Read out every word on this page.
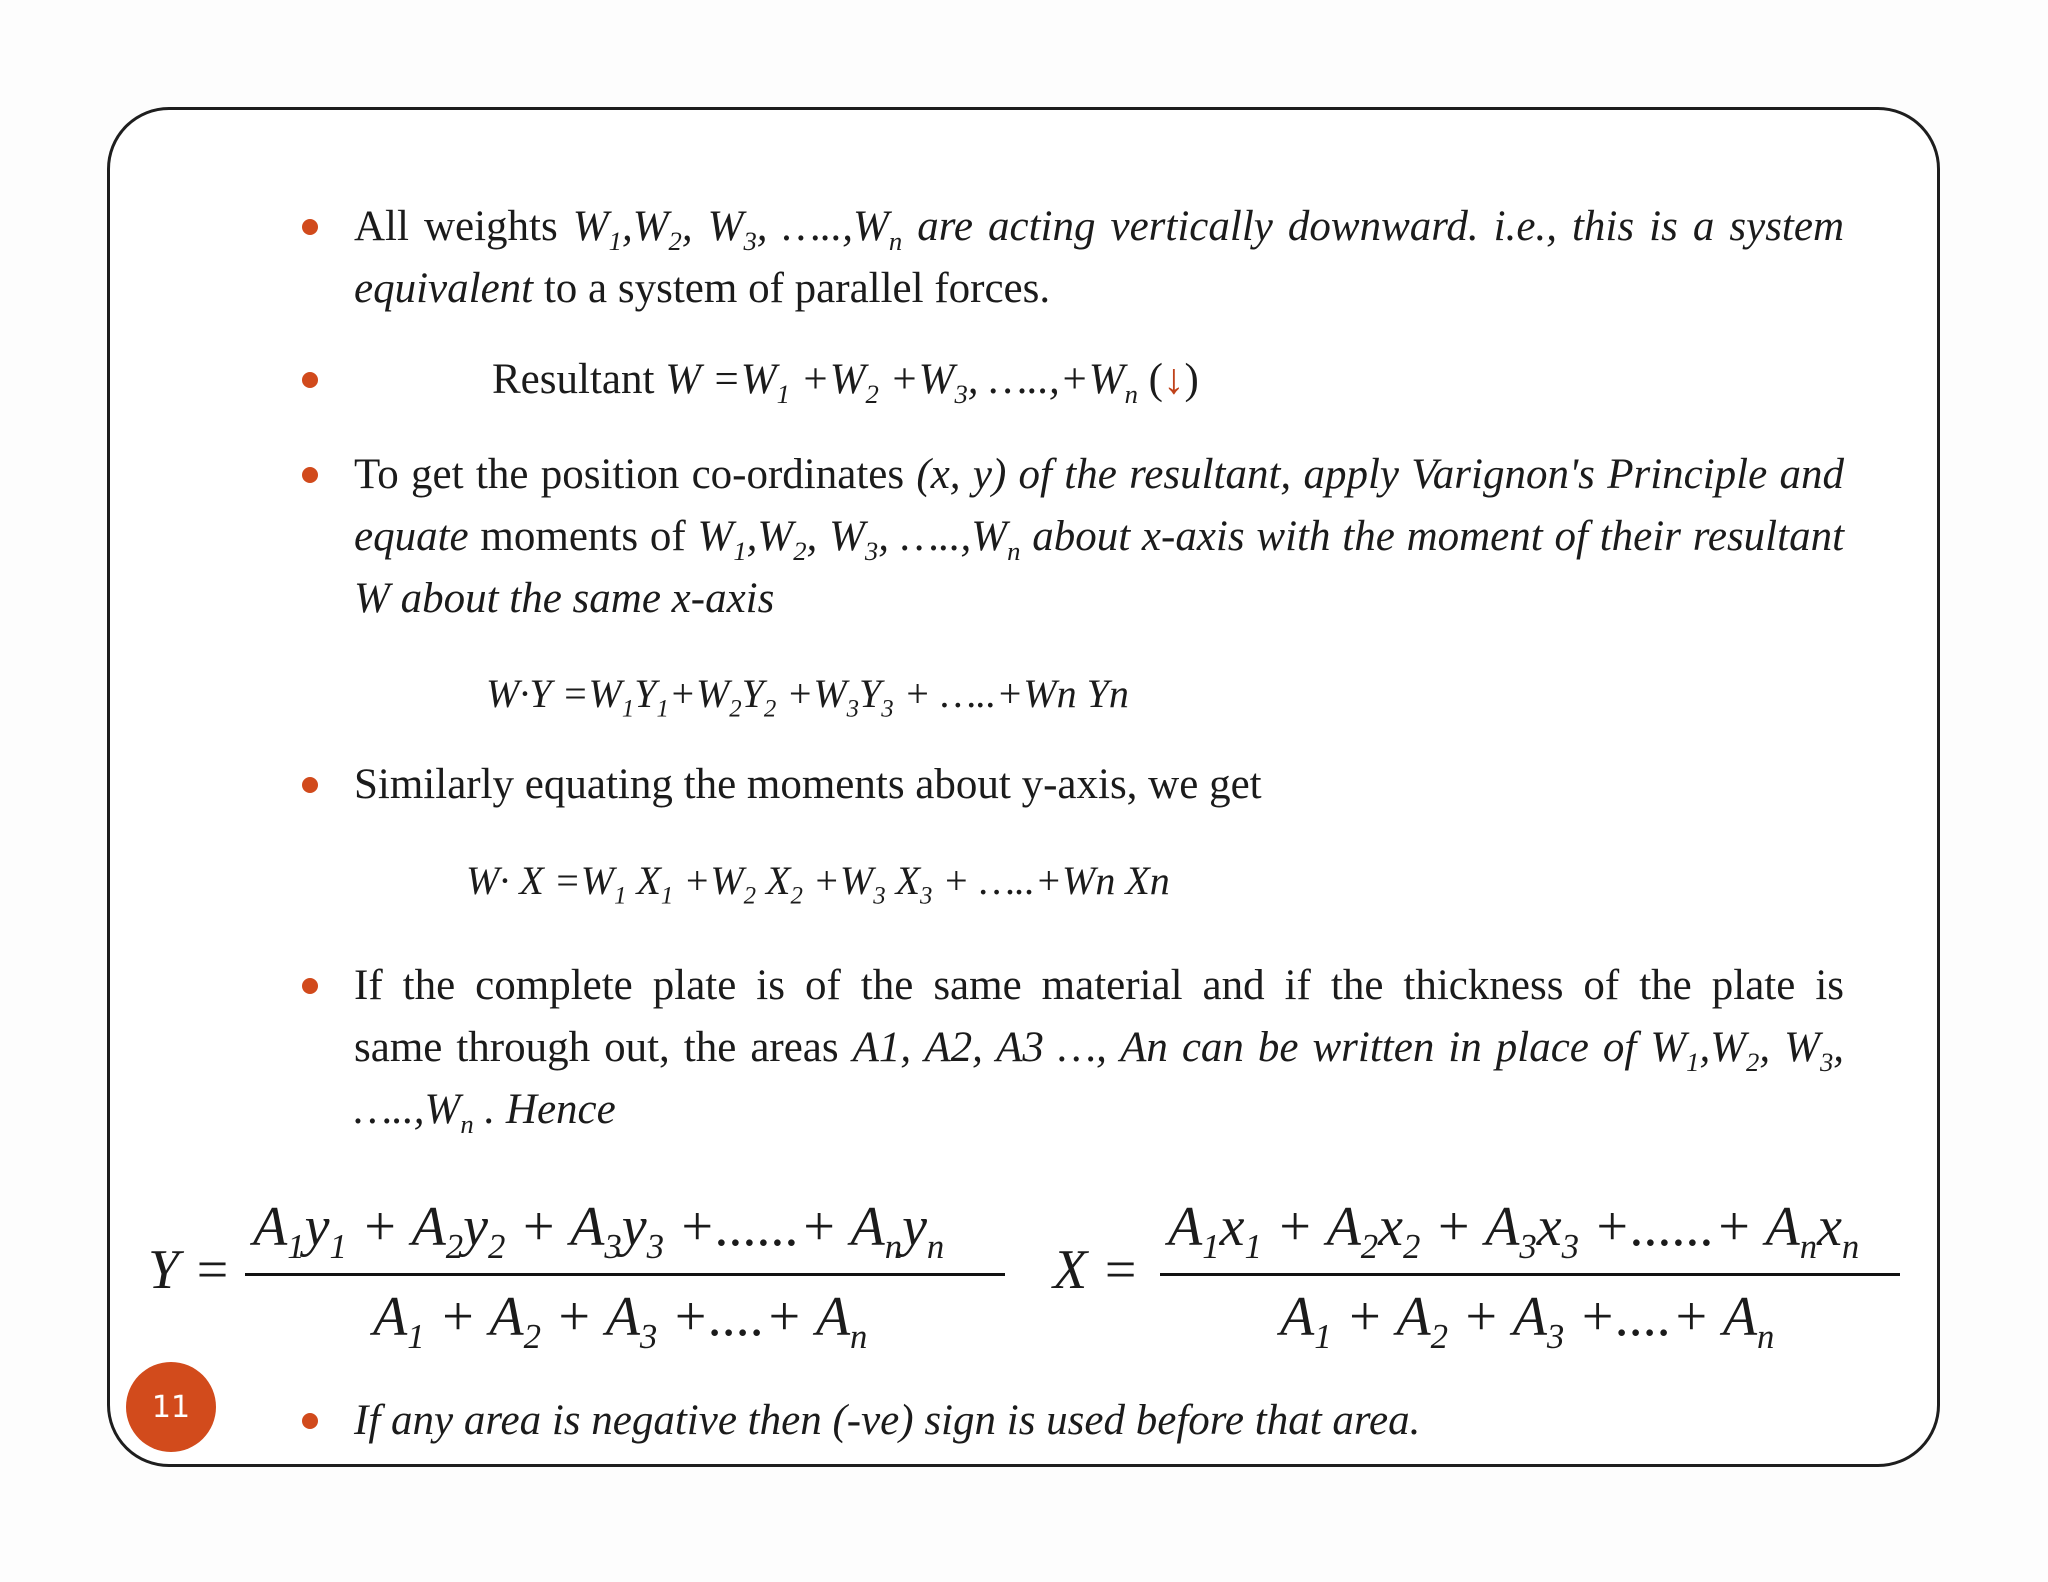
All weights $W_1,W_2$, $W_3$, $\dots..,W_n$ are acting vertically downward. i.e., this is a system
equivalent to a system of parallel forces.
Resultant $W =W_1 +W_2 +W_3$, $\dots..,+W_n$ (↓)
To get the position co-ordinates (x, y) of the resultant, apply Varignon's Principle and
equate moments of $W_1,W_2$, $W_3$, $\dots..,W_n$ about x-axis with the moment of their resultant
W about the same x-axis
$W\cdot Y =W_1Y_1+W_2Y_2 +W_3Y_3$ + …..+Wn Yn
Similarly equating the moments about y-axis, we get
$W\cdot X =W_1$ $X_1 +W_2$ $X_2 +W_3$ $X_3$ + …..+Wn Xn
If the complete plate is of the same material and if the thickness of the plate is
same through out, the areas A1, A2, A3 …, An can be written in place of $W_1,W_2$, $W_3$,
$\dots..,W_n$ . Hence
Y =
$A_1y_1 + A_2y_2 + A_3y_3$ +......+ $A_ny_n$
$A_1 + A_2 + A_3$ +....+ $A_n$
X =
$A_1x_1 + A_2x_2 + A_3x_3$ +......+ $A_nx_n$
$A_1 + A_2 + A_3$ +....+ $A_n$
If any area is negative then (-ve) sign is used before that area.
11
